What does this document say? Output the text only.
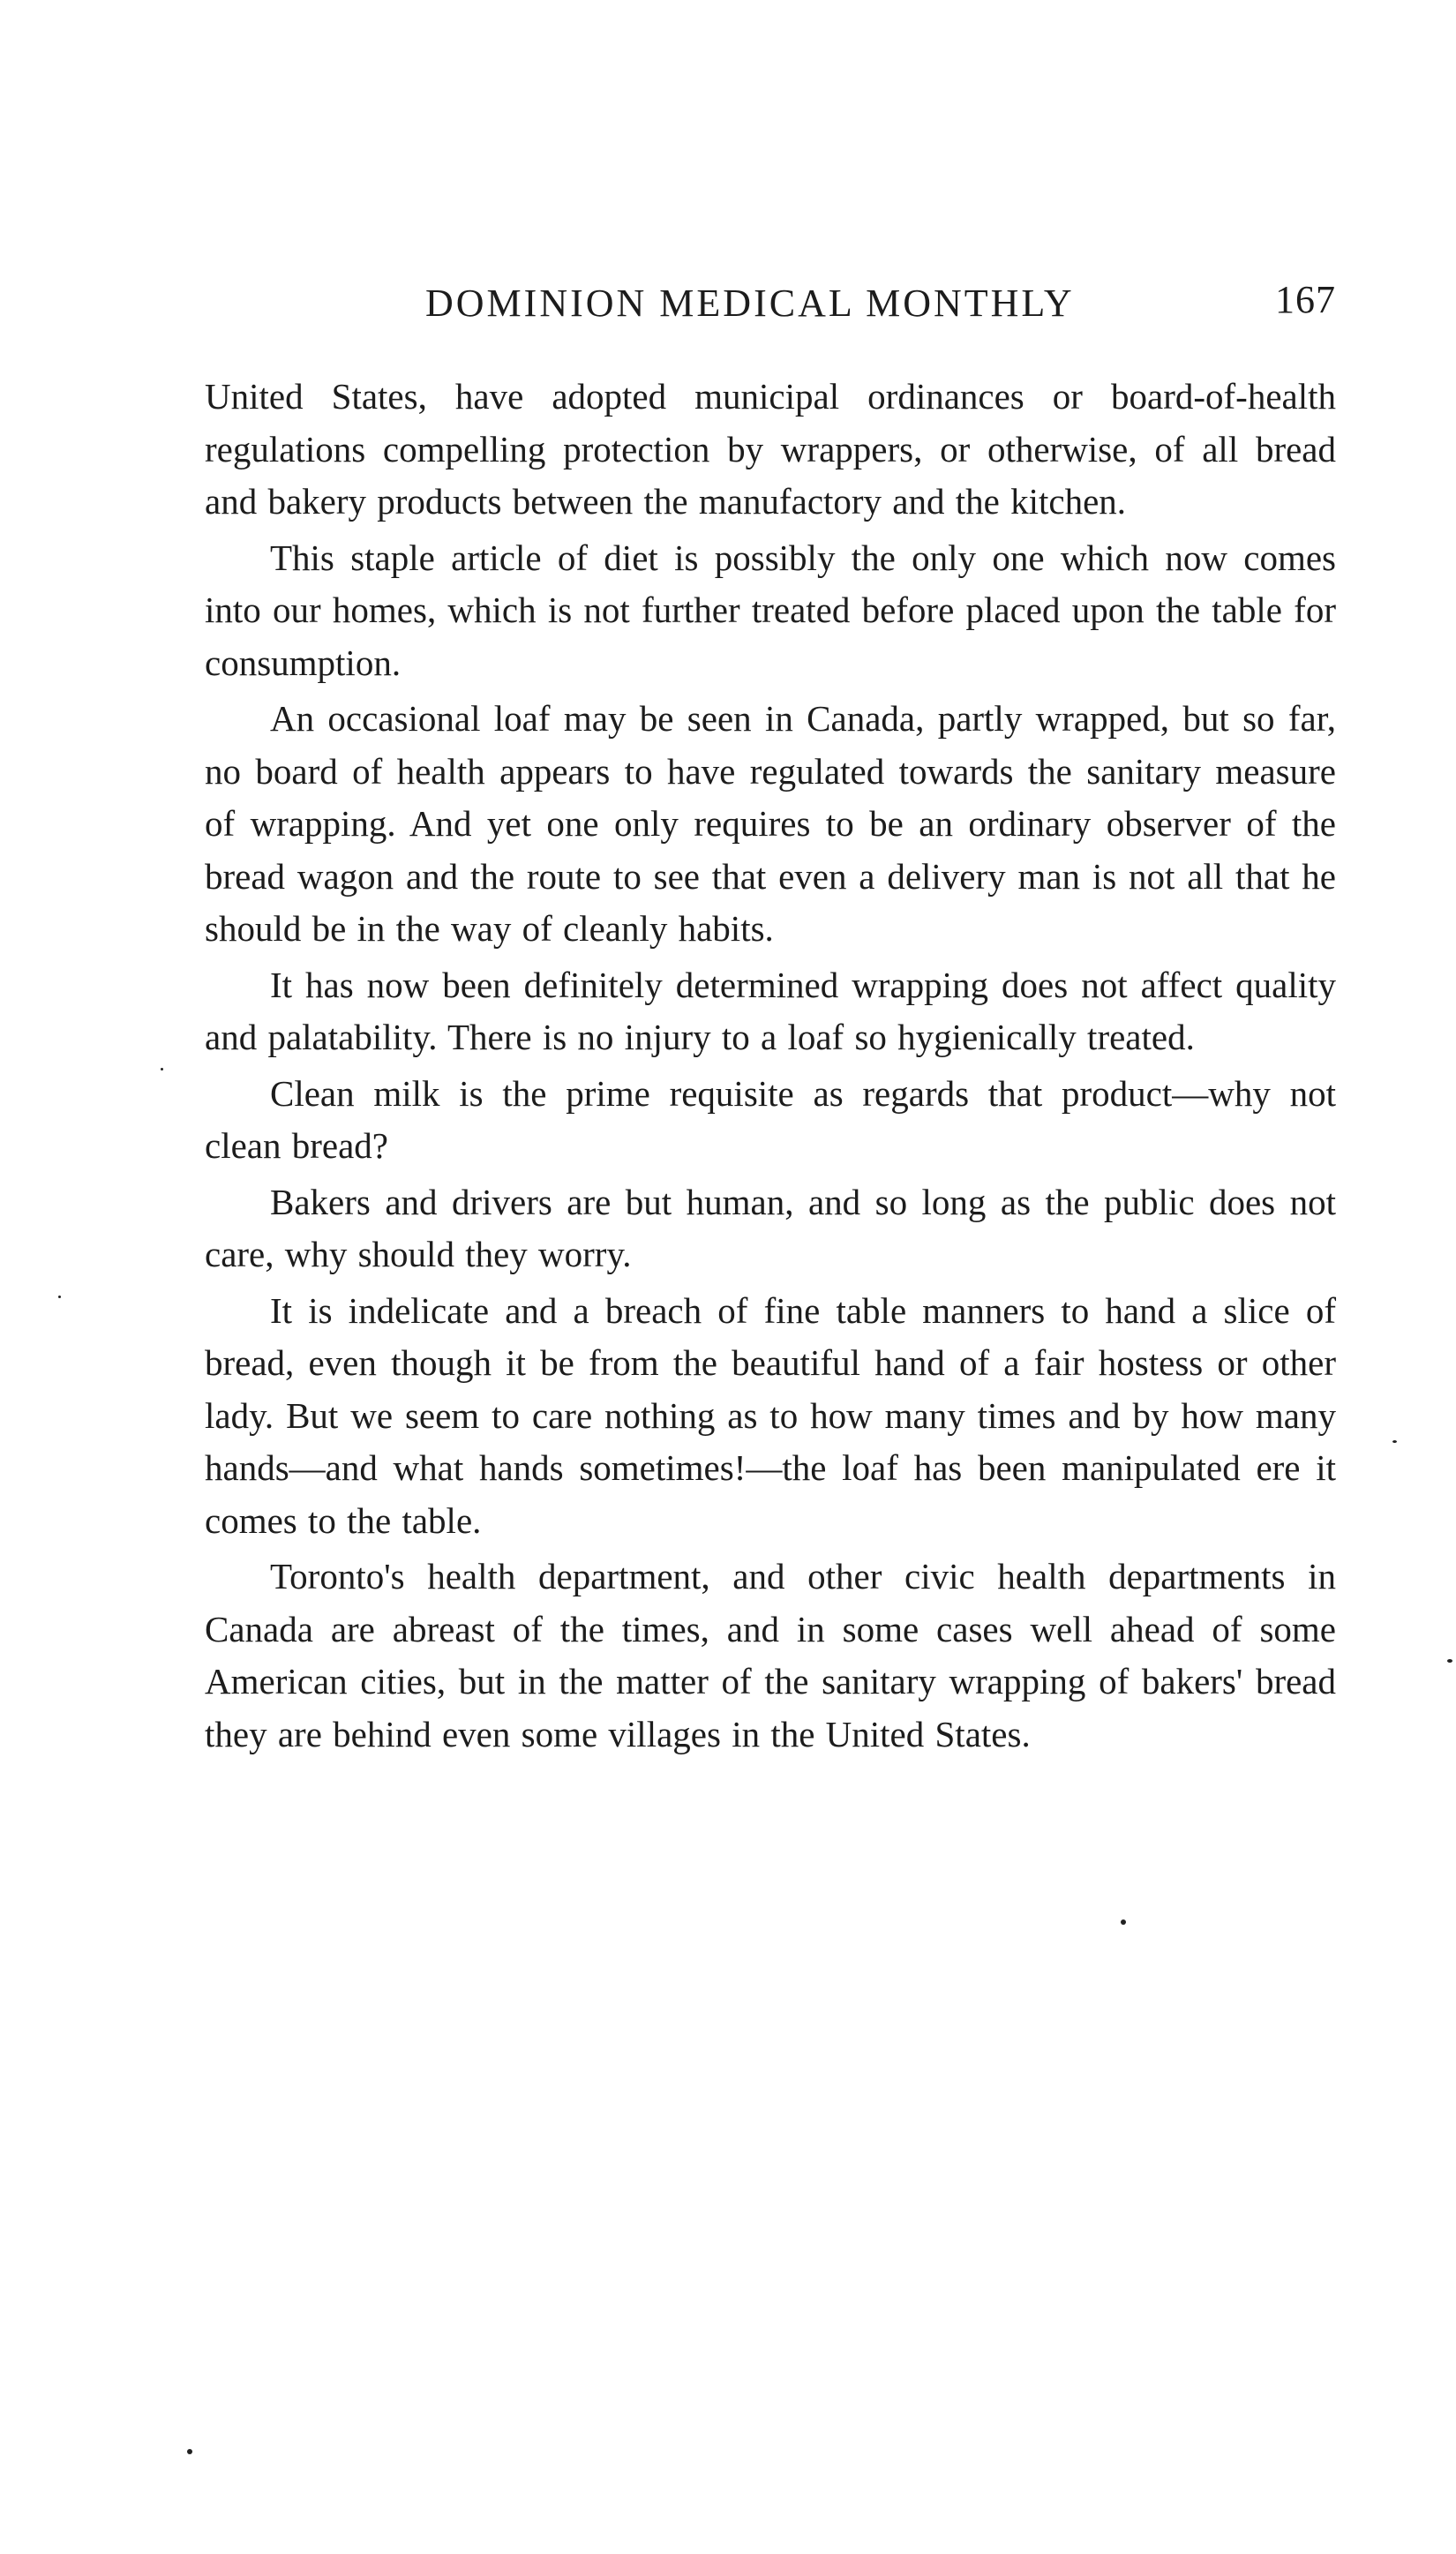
DOMINION MEDICAL MONTHLY	167

United States, have adopted municipal ordinances or board-of-health regulations compelling protection by wrappers, or otherwise, of all bread and bakery products between the manufactory and the kitchen.

This staple article of diet is possibly the only one which now comes into our homes, which is not further treated before placed upon the table for consumption.

An occasional loaf may be seen in Canada, partly wrapped, but so far, no board of health appears to have regulated towards the sanitary measure of wrapping. And yet one only requires to be an ordinary observer of the bread wagon and the route to see that even a delivery man is not all that he should be in the way of cleanly habits.

It has now been definitely determined wrapping does not affect quality and palatability. There is no injury to a loaf so hygienically treated.

Clean milk is the prime requisite as regards that product—why not clean bread?

Bakers and drivers are but human, and so long as the public does not care, why should they worry.

It is indelicate and a breach of fine table manners to hand a slice of bread, even though it be from the beautiful hand of a fair hostess or other lady. But we seem to care nothing as to how many times and by how many hands—and what hands sometimes!—the loaf has been manipulated ere it comes to the table.

Toronto's health department, and other civic health departments in Canada are abreast of the times, and in some cases well ahead of some American cities, but in the matter of the sanitary wrapping of bakers' bread they are behind even some villages in the United States.
